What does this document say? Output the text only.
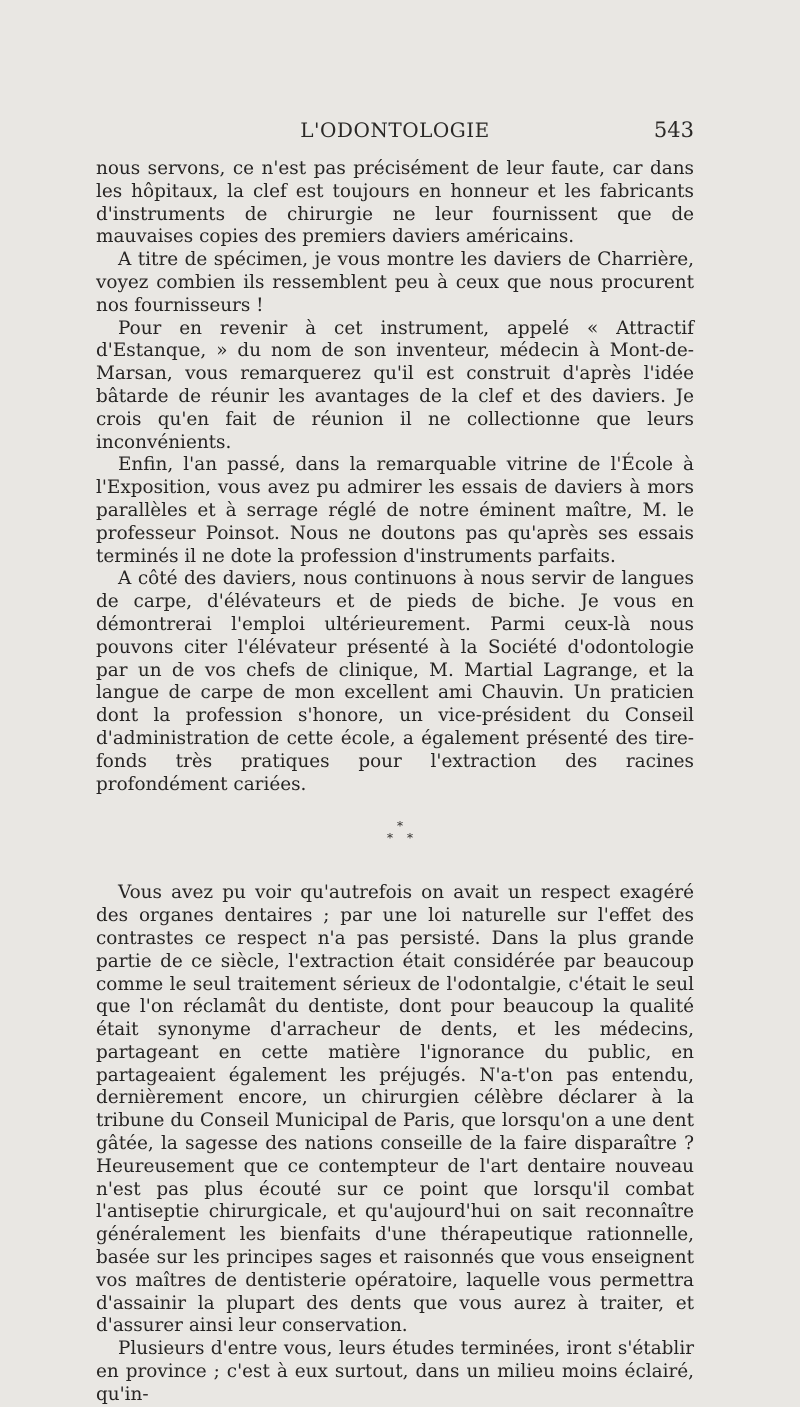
L'ODONTOLOGIE	543

nous servons, ce n'est pas précisément de leur faute, car dans les hôpitaux, la clef est toujours en honneur et les fabricants d'instruments de chirurgie ne leur fournissent que de mauvaises copies des premiers daviers américains.

A titre de spécimen, je vous montre les daviers de Charrière, voyez combien ils ressemblent peu à ceux que nous procurent nos fournisseurs !

Pour en revenir à cet instrument, appelé « Attractif d'Estanque, » du nom de son inventeur, médecin à Mont-de-Marsan, vous remarquerez qu'il est construit d'après l'idée bâtarde de réunir les avantages de la clef et des daviers. Je crois qu'en fait de réunion il ne collectionne que leurs inconvénients.

Enfin, l'an passé, dans la remarquable vitrine de l'École à l'Exposition, vous avez pu admirer les essais de daviers à mors parallèles et à serrage réglé de notre éminent maître, M. le professeur Poinsot. Nous ne doutons pas qu'après ses essais terminés il ne dote la profession d'instruments parfaits.

A côté des daviers, nous continuons à nous servir de langues de carpe, d'élévateurs et de pieds de biche. Je vous en démontrerai l'emploi ultérieurement. Parmi ceux-là nous pouvons citer l'élévateur présenté à la Société d'odontologie par un de vos chefs de clinique, M. Martial Lagrange, et la langue de carpe de mon excellent ami Chauvin. Un praticien dont la profession s'honore, un vice-président du Conseil d'administration de cette école, a également présenté des tire-fonds très pratiques pour l'extraction des racines profondément cariées.

*
* *

Vous avez pu voir qu'autrefois on avait un respect exagéré des organes dentaires ; par une loi naturelle sur l'effet des contrastes ce respect n'a pas persisté. Dans la plus grande partie de ce siècle, l'extraction était considérée par beaucoup comme le seul traitement sérieux de l'odontalgie, c'était le seul que l'on réclamât du dentiste, dont pour beaucoup la qualité était synonyme d'arracheur de dents, et les médecins, partageant en cette matière l'ignorance du public, en partageaient également les préjugés. N'a-t'on pas entendu, dernièrement encore, un chirurgien célèbre déclarer à la tribune du Conseil Municipal de Paris, que lorsqu'on a une dent gâtée, la sagesse des nations conseille de la faire disparaître ? Heureusement que ce contempteur de l'art dentaire nouveau n'est pas plus écouté sur ce point que lorsqu'il combat l'antiseptie chirurgicale, et qu'aujourd'hui on sait reconnaître généralement les bienfaits d'une thérapeutique rationnelle, basée sur les principes sages et raisonnés que vous enseignent vos maîtres de dentisterie opératoire, laquelle vous permettra d'assainir la plupart des dents que vous aurez à traiter, et d'assurer ainsi leur conservation.

Plusieurs d'entre vous, leurs études terminées, iront s'établir en province ; c'est à eux surtout, dans un milieu moins éclairé, qu'in-
